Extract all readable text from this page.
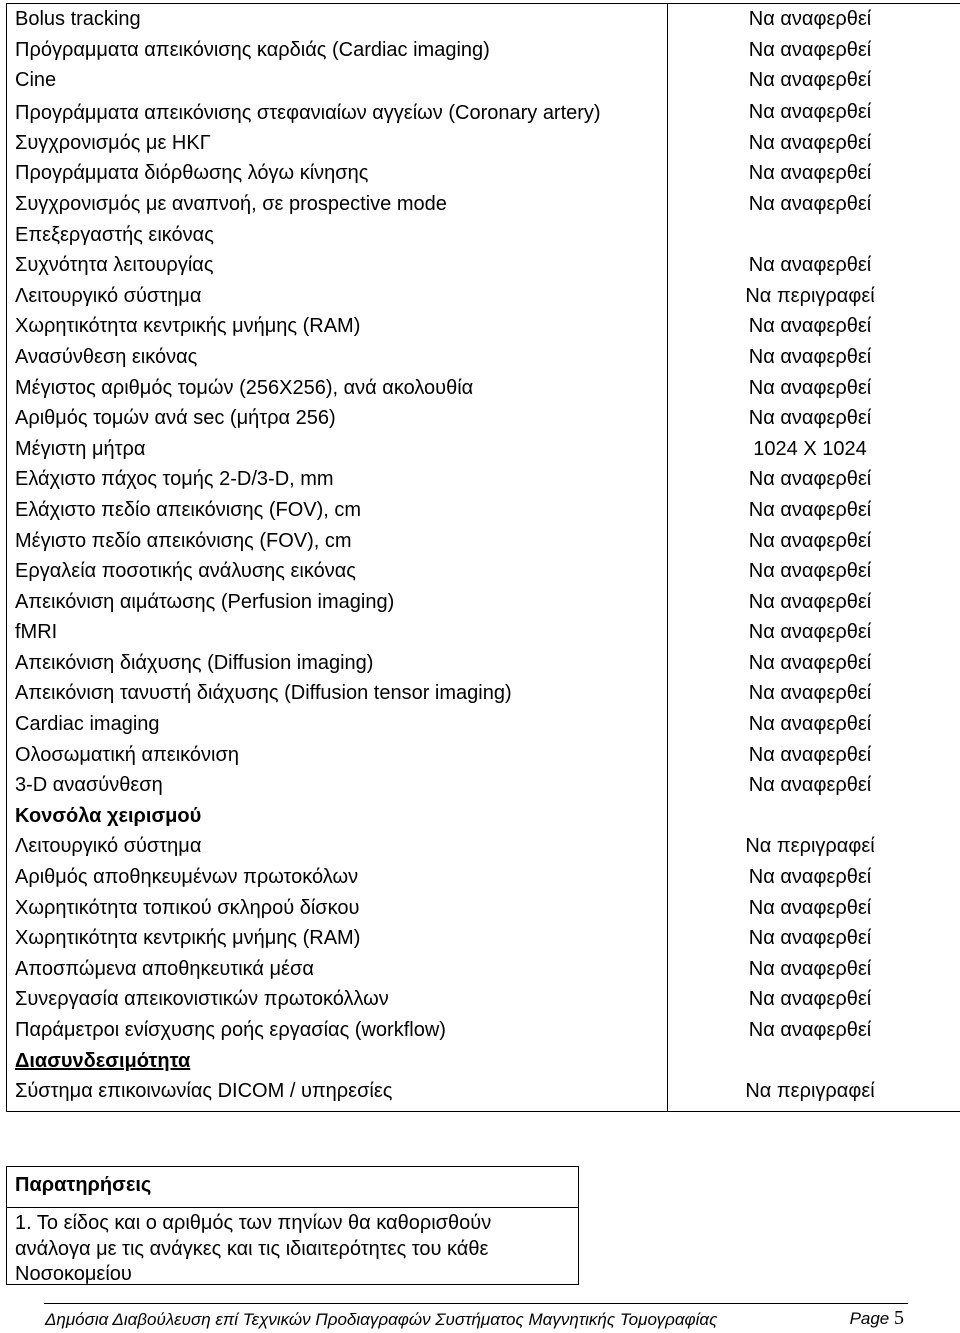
Bolus tracking	Να αναφερθεί
Πρόγραμματα απεικόνισης καρδιάς (Cardiac imaging)	Να αναφερθεί
Cine	Να αναφερθεί
Προγράμματα απεικόνισης στεφανιαίων αγγείων (Coronary artery)	Να αναφερθεί
Συγχρονισμός με ΗΚΓ	Να αναφερθεί
Προγράμματα διόρθωσης λόγω κίνησης	Να αναφερθεί
Συγχρονισμός με αναπνοή, σε prospective mode	Να αναφερθεί
Επεξεργαστής εικόνας	
Συχνότητα λειτουργίας	Να αναφερθεί
Λειτουργικό σύστημα	Να περιγραφεί
Χωρητικότητα κεντρικής μνήμης (RAM)	Να αναφερθεί
Ανασύνθεση εικόνας	Να αναφερθεί
Μέγιστος αριθμός τομών (256Χ256), ανά ακολουθία	Να αναφερθεί
Αριθμός τομών ανά sec (μήτρα 256)	Να αναφερθεί
Μέγιστη μήτρα	1024 Χ 1024
Ελάχιστο πάχος τομής 2-D/3-D, mm	Να αναφερθεί
Ελάχιστο πεδίο απεικόνισης (FOV), cm	Να αναφερθεί
Μέγιστο πεδίο απεικόνισης (FOV), cm	Να αναφερθεί
Εργαλεία ποσοτικής ανάλυσης εικόνας	Να αναφερθεί
Απεικόνιση αιμάτωσης (Perfusion imaging)	Να αναφερθεί
fMRI	Να αναφερθεί
Απεικόνιση διάχυσης (Diffusion imaging)	Να αναφερθεί
Απεικόνιση τανυστή διάχυσης (Diffusion tensor imaging)	Να αναφερθεί
Cardiac imaging	Να αναφερθεί
Ολοσωματική απεικόνιση	Να αναφερθεί
3-D ανασύνθεση	Να αναφερθεί
Κονσόλα χειρισμού	
Λειτουργικό σύστημα	Να περιγραφεί
Αριθμός αποθηκευμένων πρωτοκόλων	Να αναφερθεί
Χωρητικότητα τοπικού σκληρού δίσκου	Να αναφερθεί
Χωρητικότητα κεντρικής μνήμης (RAM)	Να αναφερθεί
Αποσπώμενα αποθηκευτικά μέσα	Να αναφερθεί
Συνεργασία απεικονιστικών πρωτοκόλλων	Να αναφερθεί
Παράμετροι ενίσχυσης ροής εργασίας (workflow)	Να αναφερθεί
Διασυνδεσιμότητα	
Σύστημα επικοινωνίας DICOM / υπηρεσίες	Να περιγραφεί
Παρατηρήσεις
1. Το είδος και ο αριθμός των πηνίων θα καθορισθούν ανάλογα με τις ανάγκες και τις ιδιαιτερότητες του κάθε Νοσοκομείου
Δημόσια Διαβούλευση επί Τεχνικών Προδιαγραφών Συστήματος Μαγνητικής Τομογραφίας	Page 5
